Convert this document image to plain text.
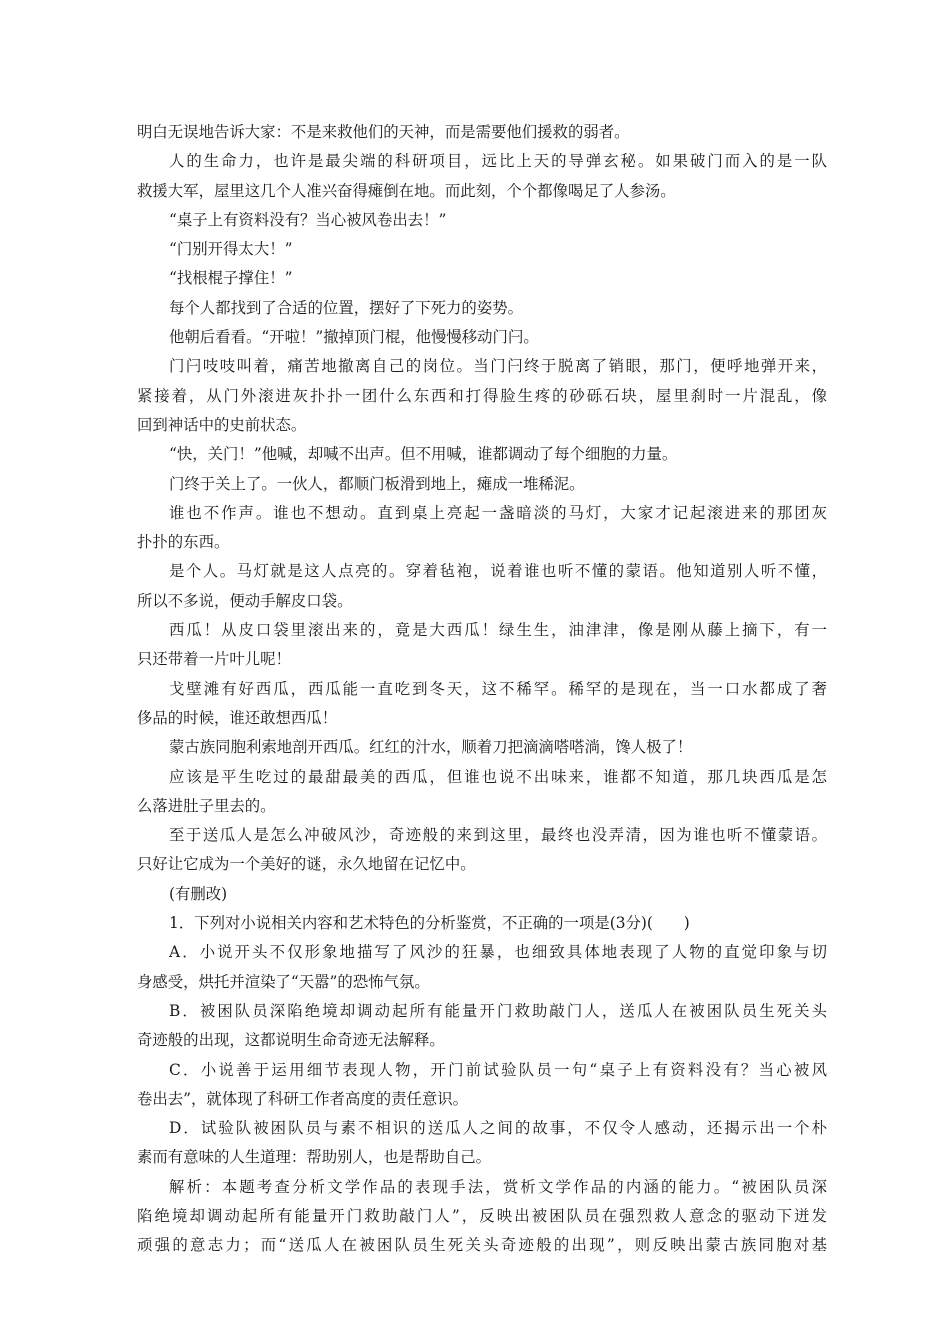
明白无误地告诉大家：不是来救他们的天神，而是需要他们援救的弱者。
人的生命力，也许是最尖端的科研项目，远比上天的导弹玄秘。如果破门而入的是一队
救援大军，屋里这几个人准兴奋得瘫倒在地。而此刻，个个都像喝足了人参汤。
“桌子上有资料没有？当心被风卷出去！”
“门别开得太大！”
“找根棍子撑住！”
每个人都找到了合适的位置，摆好了下死力的姿势。
他朝后看看。“开啦！”撤掉顶门棍，他慢慢移动门闩。
门闩吱吱叫着，痛苦地撤离自己的岗位。当门闩终于脱离了销眼，那门，便呼地弹开来，
紧接着，从门外滚进灰扑扑一团什么东西和打得脸生疼的砂砾石块，屋里刹时一片混乱，像
回到神话中的史前状态。
“快，关门！”他喊，却喊不出声。但不用喊，谁都调动了每个细胞的力量。
门终于关上了。一伙人，都顺门板滑到地上，瘫成一堆稀泥。
谁也不作声。谁也不想动。直到桌上亮起一盏暗淡的马灯，大家才记起滚进来的那团灰
扑扑的东西。
是个人。马灯就是这人点亮的。穿着毡袍，说着谁也听不懂的蒙语。他知道别人听不懂，
所以不多说，便动手解皮口袋。
西瓜！从皮口袋里滚出来的，竟是大西瓜！绿生生，油津津，像是刚从藤上摘下，有一
只还带着一片叶儿呢！
戈壁滩有好西瓜，西瓜能一直吃到冬天，这不稀罕。稀罕的是现在，当一口水都成了奢
侈品的时候，谁还敢想西瓜！
蒙古族同胞利索地剖开西瓜。红红的汁水，顺着刀把滴滴嗒嗒淌，馋人极了！
应该是平生吃过的最甜最美的西瓜，但谁也说不出味来，谁都不知道，那几块西瓜是怎
么落进肚子里去的。
至于送瓜人是怎么冲破风沙，奇迹般的来到这里，最终也没弄清，因为谁也听不懂蒙语。
只好让它成为一个美好的谜，永久地留在记忆中。
(有删改)
1．下列对小说相关内容和艺术特色的分析鉴赏，不正确的一项是(3分)(　　)
A．小说开头不仅形象地描写了风沙的狂暴，也细致具体地表现了人物的直觉印象与切
身感受，烘托并渲染了“天嚣”的恐怖气氛。
B．被困队员深陷绝境却调动起所有能量开门救助敲门人，送瓜人在被困队员生死关头
奇迹般的出现，这都说明生命奇迹无法解释。
C．小说善于运用细节表现人物，开门前试验队员一句“桌子上有资料没有？当心被风
卷出去”，就体现了科研工作者高度的责任意识。
D．试验队被困队员与素不相识的送瓜人之间的故事，不仅令人感动，还揭示出一个朴
素而有意味的人生道理：帮助别人，也是帮助自己。
解析：本题考查分析文学作品的表现手法，赏析文学作品的内涵的能力。“被困队员深
陷绝境却调动起所有能量开门救助敲门人”，反映出被困队员在强烈救人意念的驱动下迸发
顽强的意志力；而“送瓜人在被困队员生死关头奇迹般的出现”，则反映出蒙古族同胞对基
